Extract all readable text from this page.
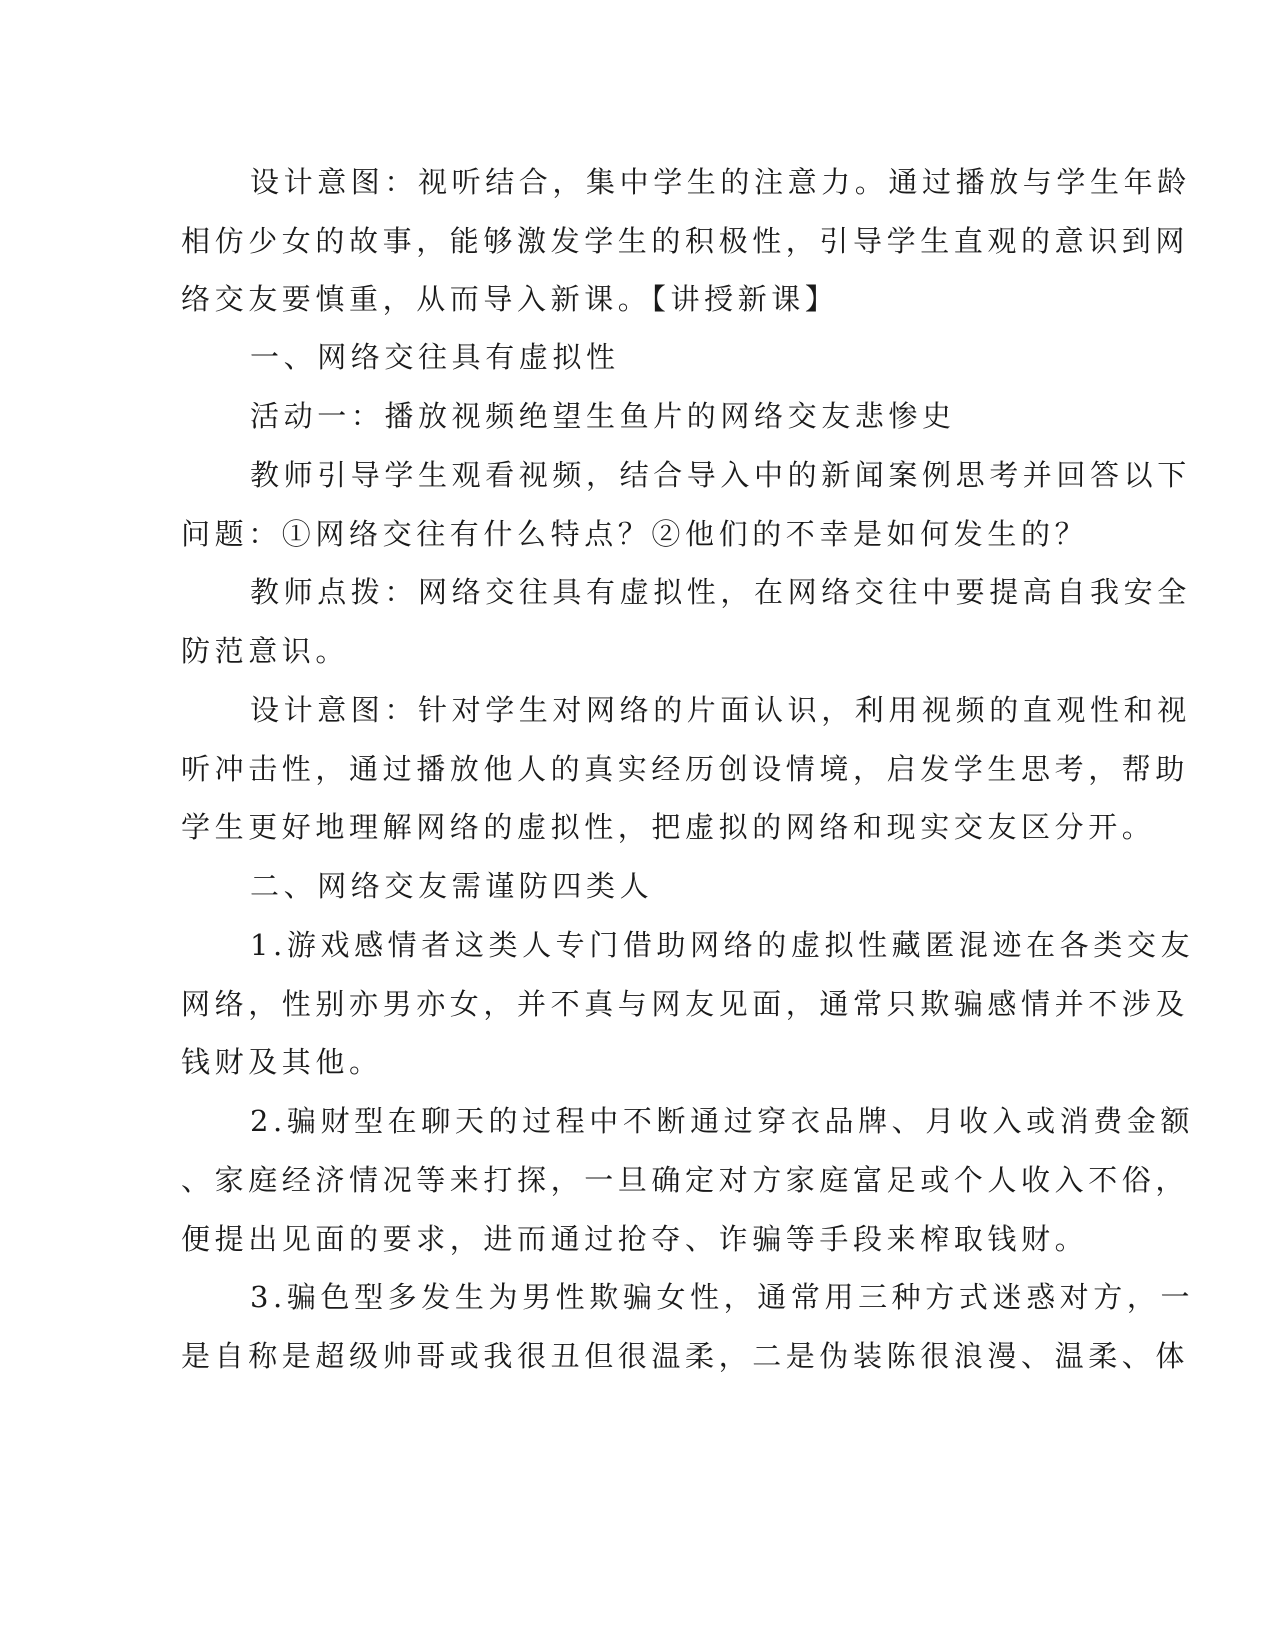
设计意图：视听结合，集中学生的注意力。通过播放与学生年龄
相仿少女的故事，能够激发学生的积极性，引导学生直观的意识到网
络交友要慎重，从而导入新课。【讲授新课】
一、网络交往具有虚拟性
活动一：播放视频绝望生鱼片的网络交友悲惨史
教师引导学生观看视频，结合导入中的新闻案例思考并回答以下
问题：①网络交往有什么特点？②他们的不幸是如何发生的？
教师点拨：网络交往具有虚拟性，在网络交往中要提高自我安全
防范意识。
设计意图：针对学生对网络的片面认识，利用视频的直观性和视
听冲击性，通过播放他人的真实经历创设情境，启发学生思考，帮助
学生更好地理解网络的虚拟性，把虚拟的网络和现实交友区分开。
二、网络交友需谨防四类人
1.游戏感情者这类人专门借助网络的虚拟性藏匿混迹在各类交友
网络，性别亦男亦女，并不真与网友见面，通常只欺骗感情并不涉及
钱财及其他。
2.骗财型在聊天的过程中不断通过穿衣品牌、月收入或消费金额
、家庭经济情况等来打探，一旦确定对方家庭富足或个人收入不俗，
便提出见面的要求，进而通过抢夺、诈骗等手段来榨取钱财。
3.骗色型多发生为男性欺骗女性，通常用三种方式迷惑对方，一
是自称是超级帅哥或我很丑但很温柔，二是伪装陈很浪漫、温柔、体
